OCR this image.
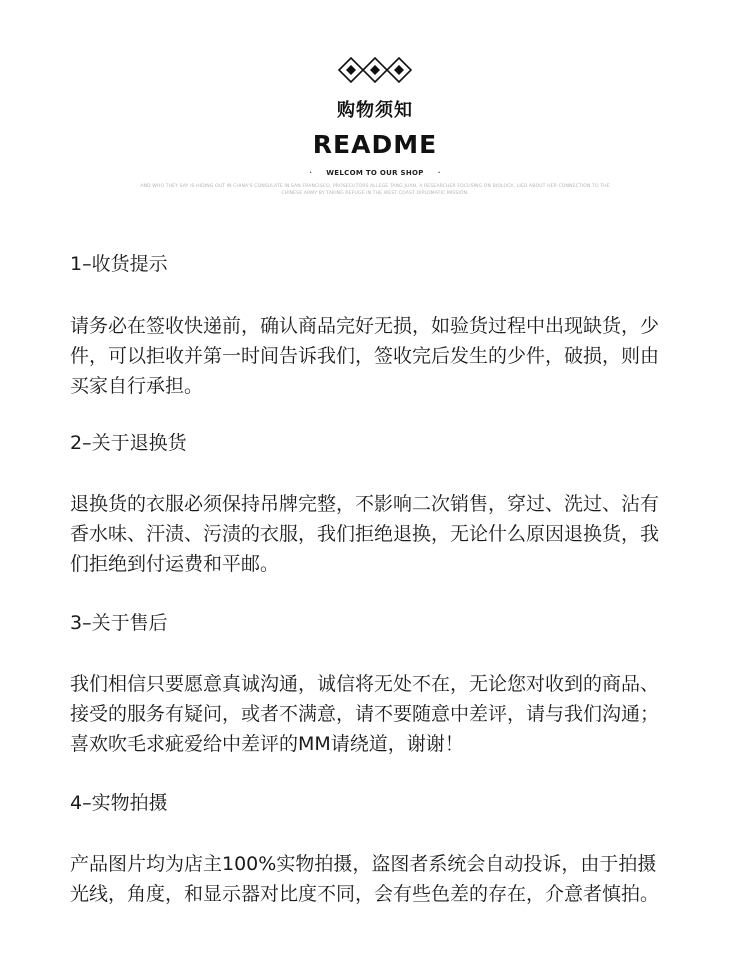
购物须知
README
· WELCOM TO OUR SHOP ·
AND WHO THEY SAY IS HIDING OUT IN CHINA'S CONSULATE IN SAN FRANCISCO, PROSECUTORS ALLEGE TANG JUAN, A RESEARCHER FOCUSING ON BIOLOGY, LIED ABOUT HER CONNECTION TO THE CHINESE ARMY BY TAKING REFUGE IN THE WEST COAST DIPLOMATIC MISSION.

1–收货提示

请务必在签收快递前，确认商品完好无损，如验货过程中出现缺货，少
件，可以拒收并第一时间告诉我们，签收完后发生的少件，破损，则由
买家自行承担。

2–关于退换货

退换货的衣服必须保持吊牌完整，不影响二次销售，穿过、洗过、沾有
香水味、汗渍、污渍的衣服，我们拒绝退换，无论什么原因退换货，我
们拒绝到付运费和平邮。

3–关于售后

我们相信只要愿意真诚沟通，诚信将无处不在，无论您对收到的商品、
接受的服务有疑问，或者不满意，请不要随意中差评，请与我们沟通；
喜欢吹毛求疵爱给中差评的MM请绕道，谢谢！

4–实物拍摄

产品图片均为店主100%实物拍摄，盗图者系统会自动投诉，由于拍摄
光线，角度，和显示器对比度不同，会有些色差的存在，介意者慎拍。
